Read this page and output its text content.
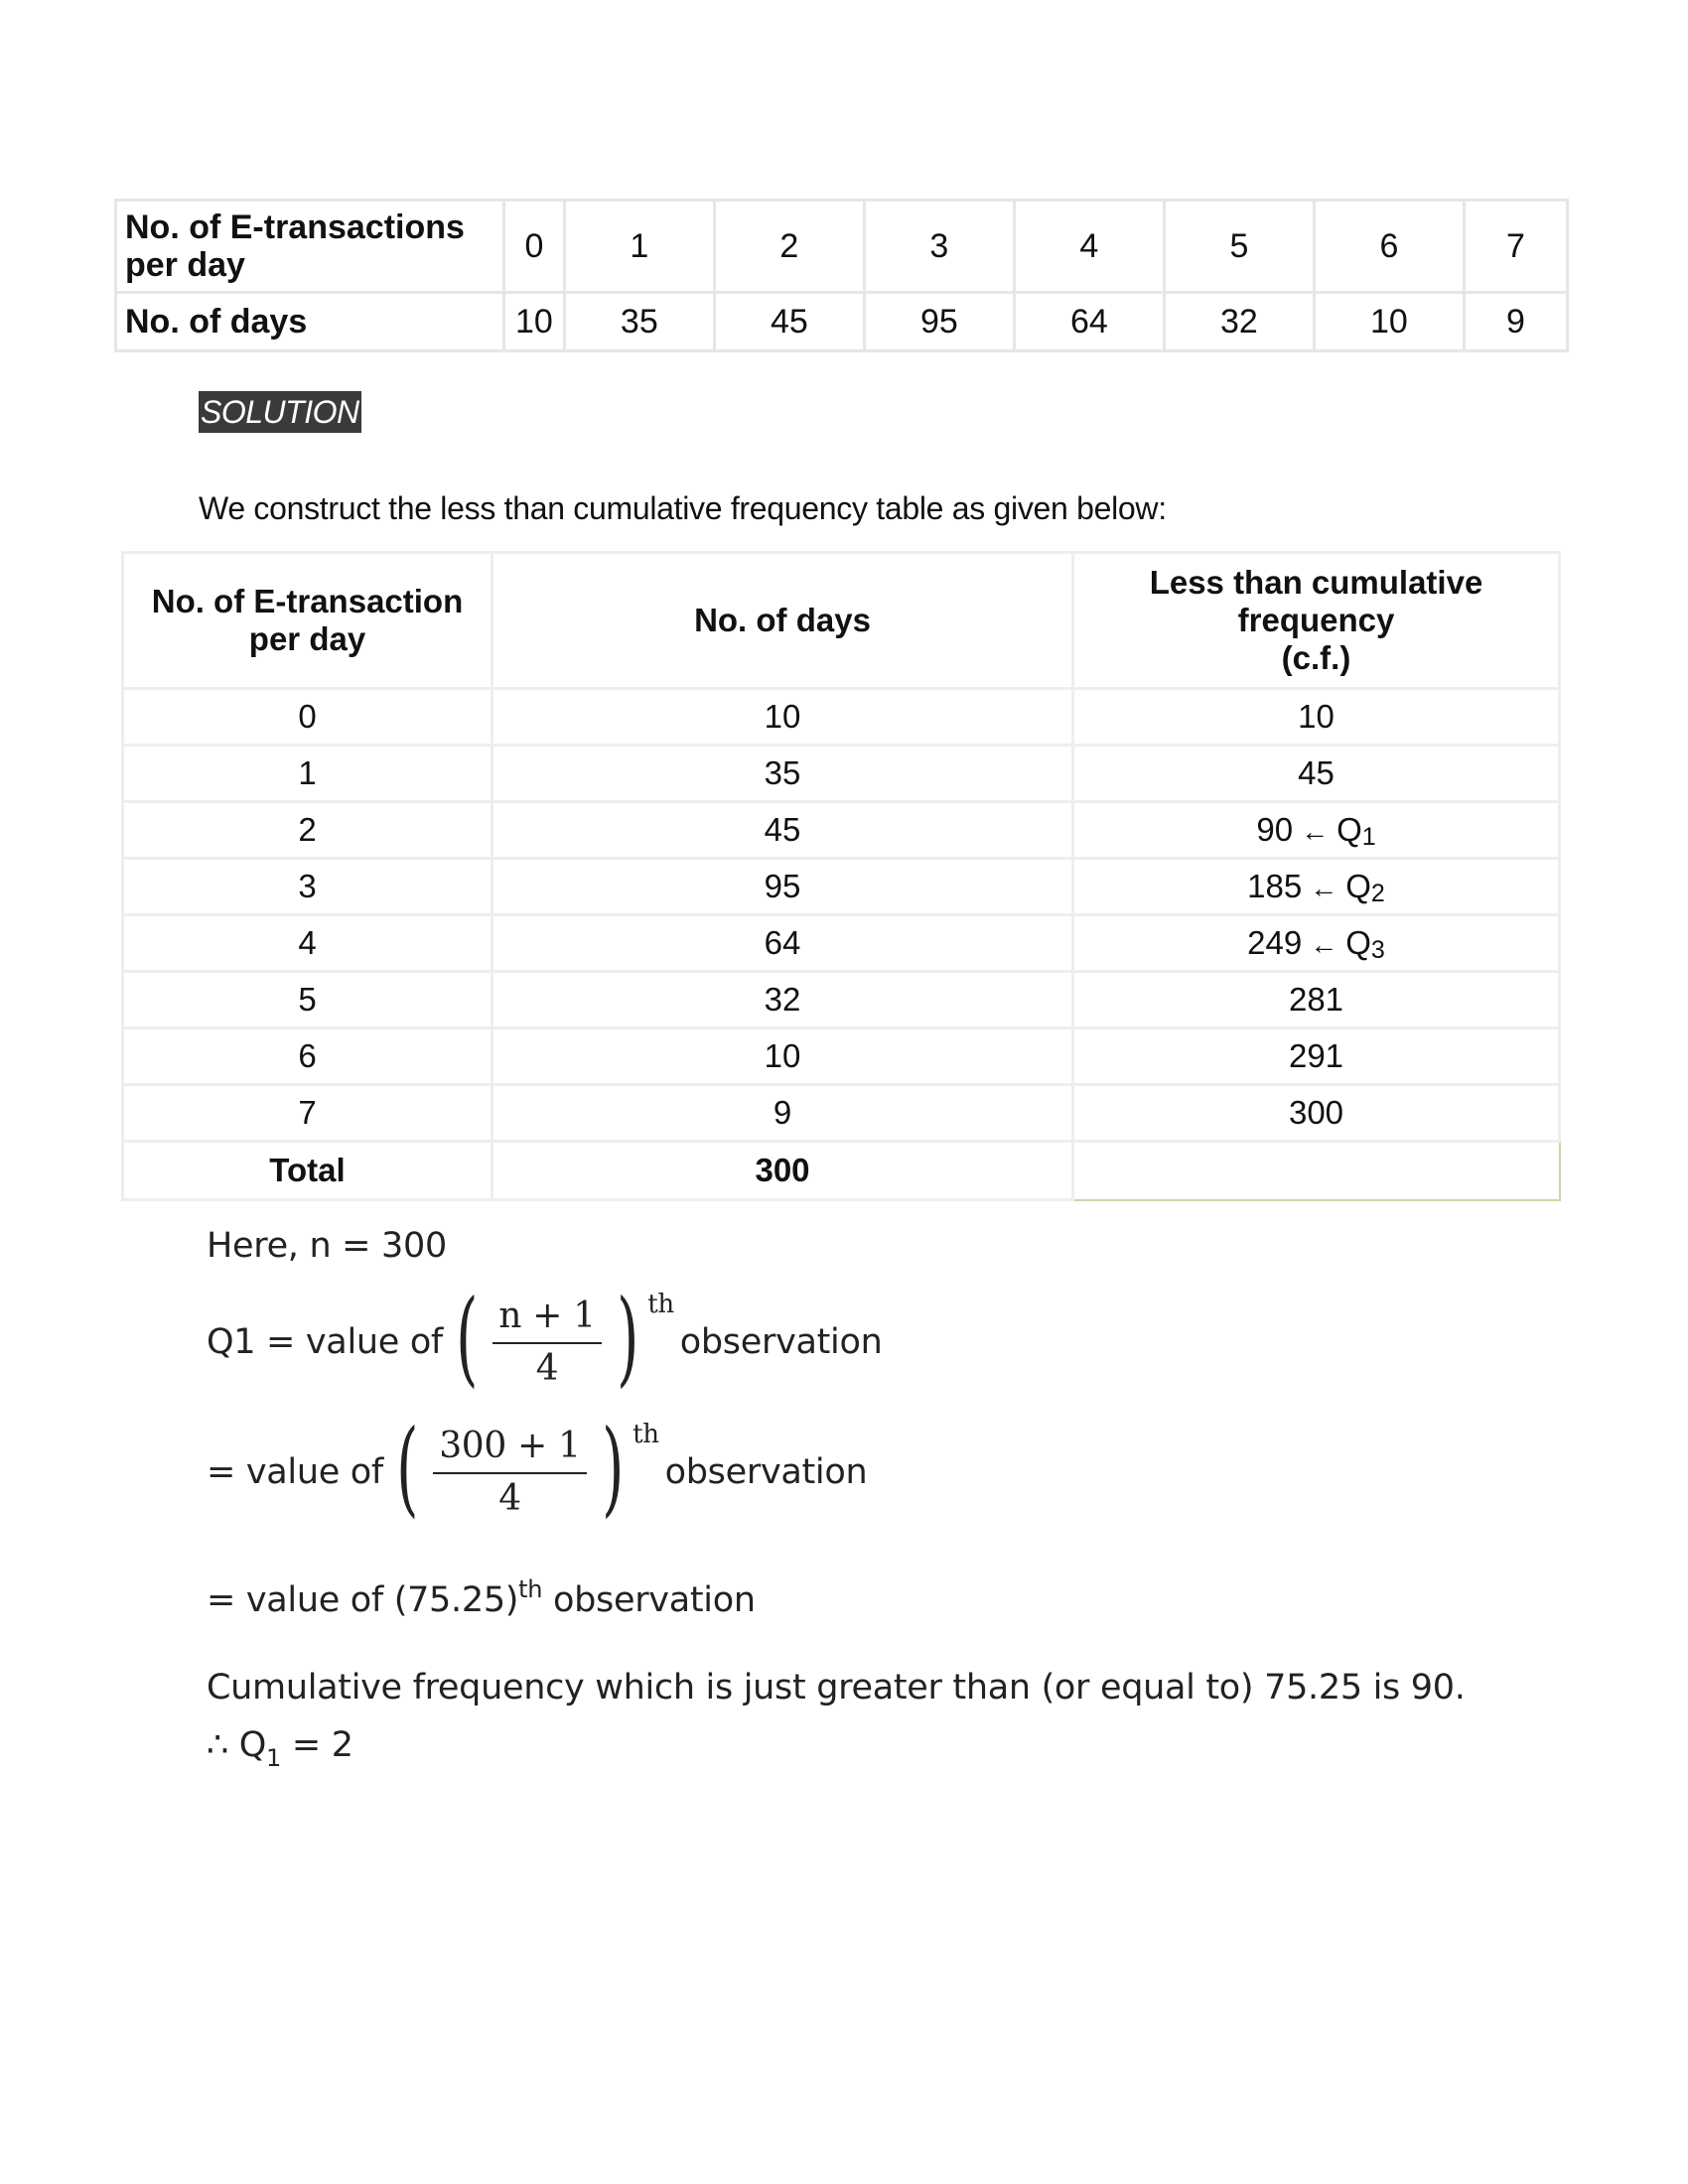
No. of E-transactions per day	0	1	2	3	4	5	6	7
No. of days	10	35	45	95	64	32	10	9
SOLUTION
We construct the less than cumulative frequency table as given below:
No. of E-transaction per day	No. of days	Less than cumulative
frequency
(c.f.)

0	10	10
1	35	45
2	45	90 ← Q1
3	95	185 ← Q2
4	64	249 ← Q3
5	32	281
6	10	291
7	9	300
Total	300	
Here, n = 300
Q1 = value of ( $\frac{n + 1}{4}$ ) th
observation
= value of ( $\frac{300 + 1}{4}$ ) th
observation
= value of $(75.25)^{th}$ observation
Cumulative frequency which is just greater than (or equal to) 75.25 is 90.
∴ $Q_1 = 2$
